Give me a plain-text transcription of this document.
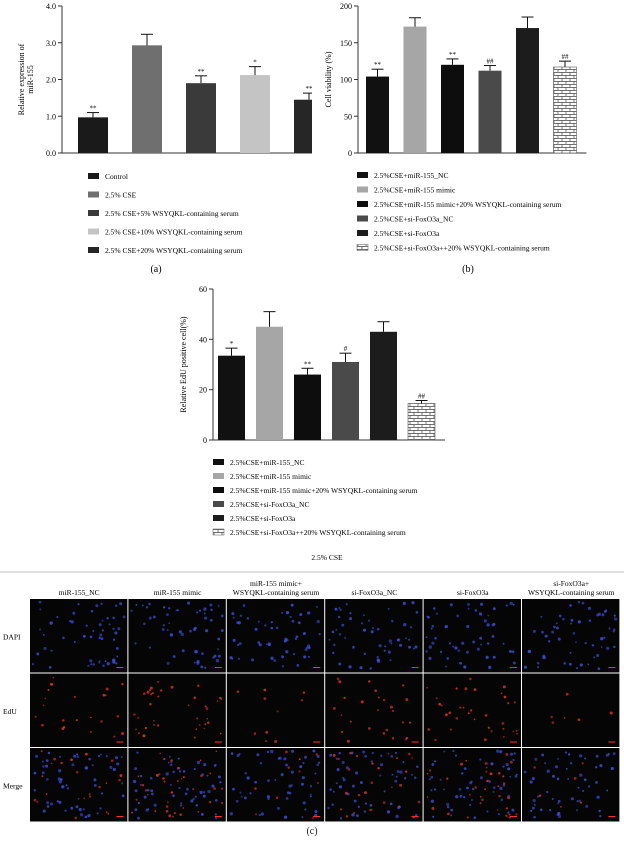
0.0
1.0
2.0
3.0
4.0
Relative expression of miR-155
**
**
*
**
Control
2.5% CSE
2.5% CSE+5% WSYQKL-containing serum
2.5% CSE+10% WSYQKL-containing serum
2.5% CSE+20% WSYQKL-containing serum
(a)
0
50
100
150
200
Cell viability (%)	**
**
##
##
2.5%CSE+miR-155_NC
2.5%CSE+miR-155 mimic
2.5%CSE+miR-155 mimic+20% WSYQKL-containing serum
2.5%CSE+si-FoxO3a_NC
2.5%CSE+si-FoxO3a
2.5%CSE+si-FoxO3a++20% WSYQKL-containing serum
(b)
0
20
40
60
Relative EdU positive cell(%)	*
**
#
##
2.5%CSE+miR-155_NC
2.5%CSE+miR-155 mimic
2.5%CSE+miR-155 mimic+20% WSYQKL-containing serum
2.5%CSE+si-FoxO3a_NC
2.5%CSE+si-FoxO3a
2.5%CSE+si-FoxO3a++20% WSYQKL-containing serum
2.5% CSE
miR-155_NC	miR-155 mimic
miR-155 mimic+
WSYQKL-containing serum	si-FoxO3a_NC	si-FoxO3a
si-FoxO3a+
WSYQKL-containing serum
DAPI
EdU
Merge
(c)
